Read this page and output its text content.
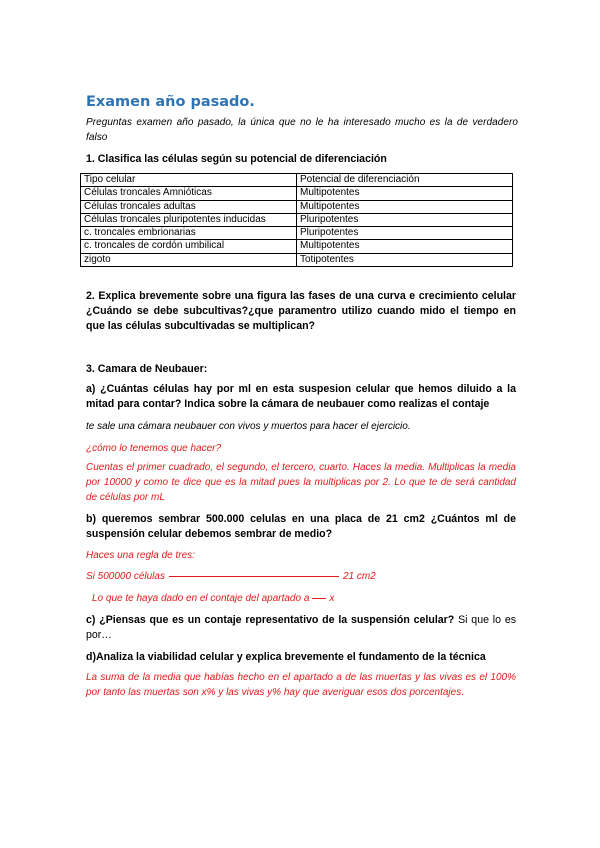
Examen año pasado.
Preguntas examen año pasado, la única que no le ha interesado mucho es la de verdadero falso
1. Clasifica las células según su potencial de diferenciación
Tipo celular	Potencial de diferenciación
Células troncales Amnióticas	Multipotentes
Células troncales adultas	Multipotentes
Células troncales pluripotentes inducidas	Pluripotentes
c. troncales embrionarias	Pluripotentes
c. troncales de cordón umbilical	Multipotentes
zigoto	Totipotentes
2. Explica brevemente sobre una figura las fases de una curva e crecimiento celular ¿Cuándo se debe subcultivas?¿que paramentro utilizo cuando mido el tiempo en que las células subcultivadas se multiplican?
3. Camara de Neubauer:
a) ¿Cuántas células hay por ml en esta suspesion celular que hemos diluido a la mitad para contar? Indica sobre la cámara de neubauer como realizas el contaje
te sale una cámara neubauer con vivos y muertos para hacer el ejercicio.
¿cómo lo tenemos que hacer?
Cuentas el primer cuadrado, el segundo, el tercero, cuarto. Haces la media. Multiplicas la media por 10000 y como te dice que es la mitad pues la multiplicas por 2. Lo que te de será cantidad de células por mL
b) queremos sembrar 500.000 celulas en una placa de 21 cm2 ¿Cuántos ml de suspensión celular debemos sembrar de medio?
Haces una regla de tres:
Si 500000 células	21 cm2
Lo que te haya dado en el contaje del apartado a x
c) ¿Piensas que es un contaje representativo de la suspensión celular? Si que lo es por…
d)Analiza la viabilidad celular y explica brevemente el fundamento de la técnica
La suma de la media que habías hecho en el apartado a de las muertas y las vivas es el 100% por tanto las muertas son x% y las vivas y% hay que averiguar esos dos porcentajes.
